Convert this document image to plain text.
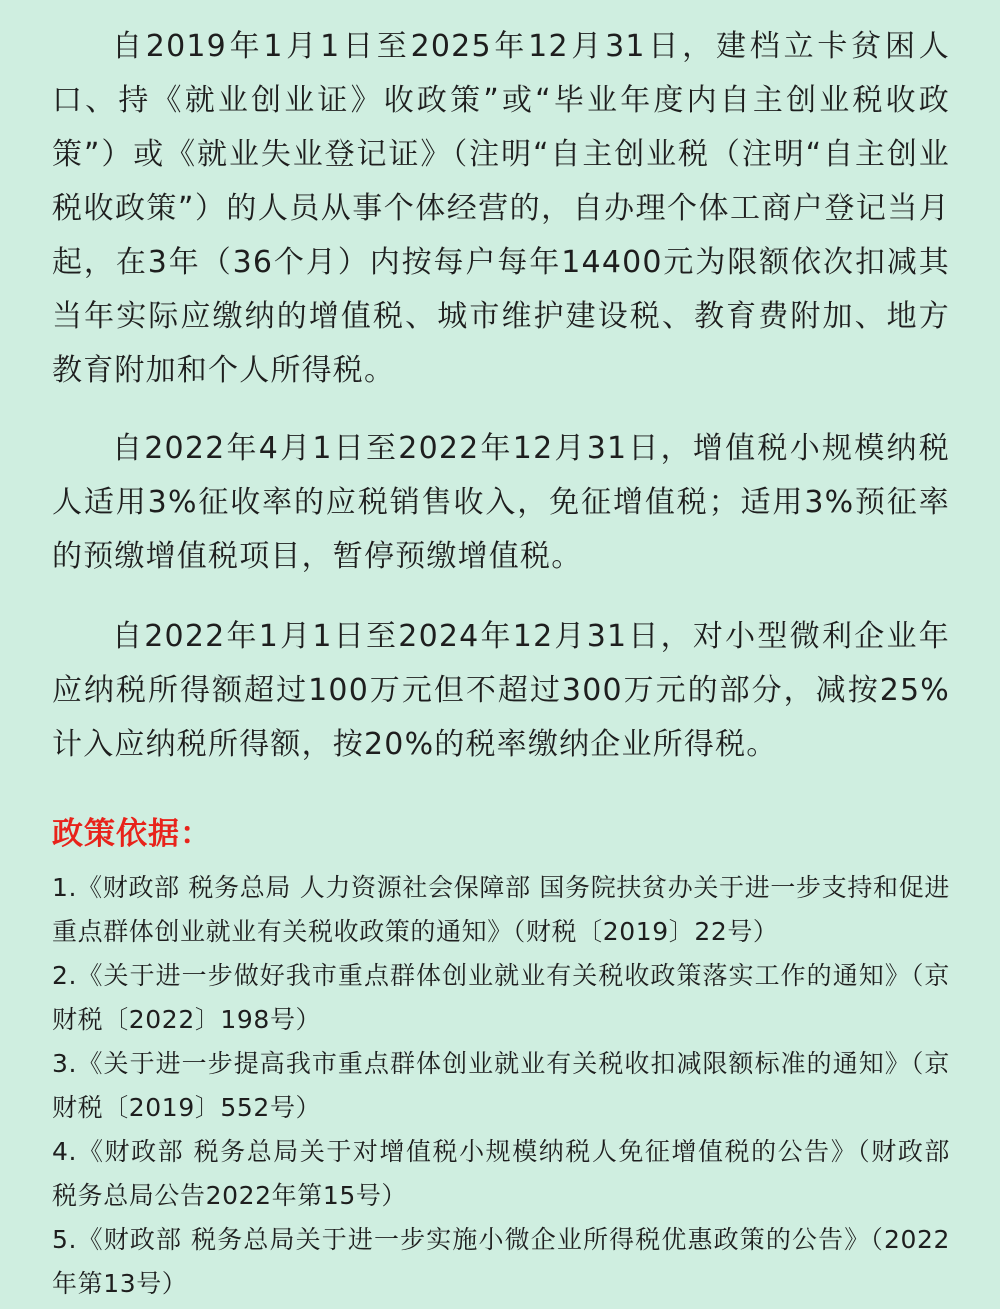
自2019年1月1日至2025年12月31日，建档立卡贫困人口、持《就业创业证》收政策”或“毕业年度内自主创业税收政策”）或《就业失业登记证》（注明“自主创业税（注明“自主创业税收政策”）的人员从事个体经营的，自办理个体工商户登记当月起，在3年（36个月）内按每户每年14400元为限额依次扣减其当年实际应缴纳的增值税、城市维护建设税、教育费附加、地方教育附加和个人所得税。

自2022年4月1日至2022年12月31日，增值税小规模纳税人适用3%征收率的应税销售收入，免征增值税；适用3%预征率的预缴增值税项目，暂停预缴增值税。

自2022年1月1日至2024年12月31日，对小型微利企业年应纳税所得额超过100万元但不超过300万元的部分，减按25%计入应纳税所得额，按20%的税率缴纳企业所得税。

政策依据：

1.《财政部 税务总局 人力资源社会保障部 国务院扶贫办关于进一步支持和促进重点群体创业就业有关税收政策的通知》（财税〔2019〕22号）

2.《关于进一步做好我市重点群体创业就业有关税收政策落实工作的通知》（京财税〔2022〕198号）

3.《关于进一步提高我市重点群体创业就业有关税收扣减限额标准的通知》（京财税〔2019〕552号）

4.《财政部 税务总局关于对增值税小规模纳税人免征增值税的公告》（财政部 税务总局公告2022年第15号）

5.《财政部 税务总局关于进一步实施小微企业所得税优惠政策的公告》（2022年第13号）
